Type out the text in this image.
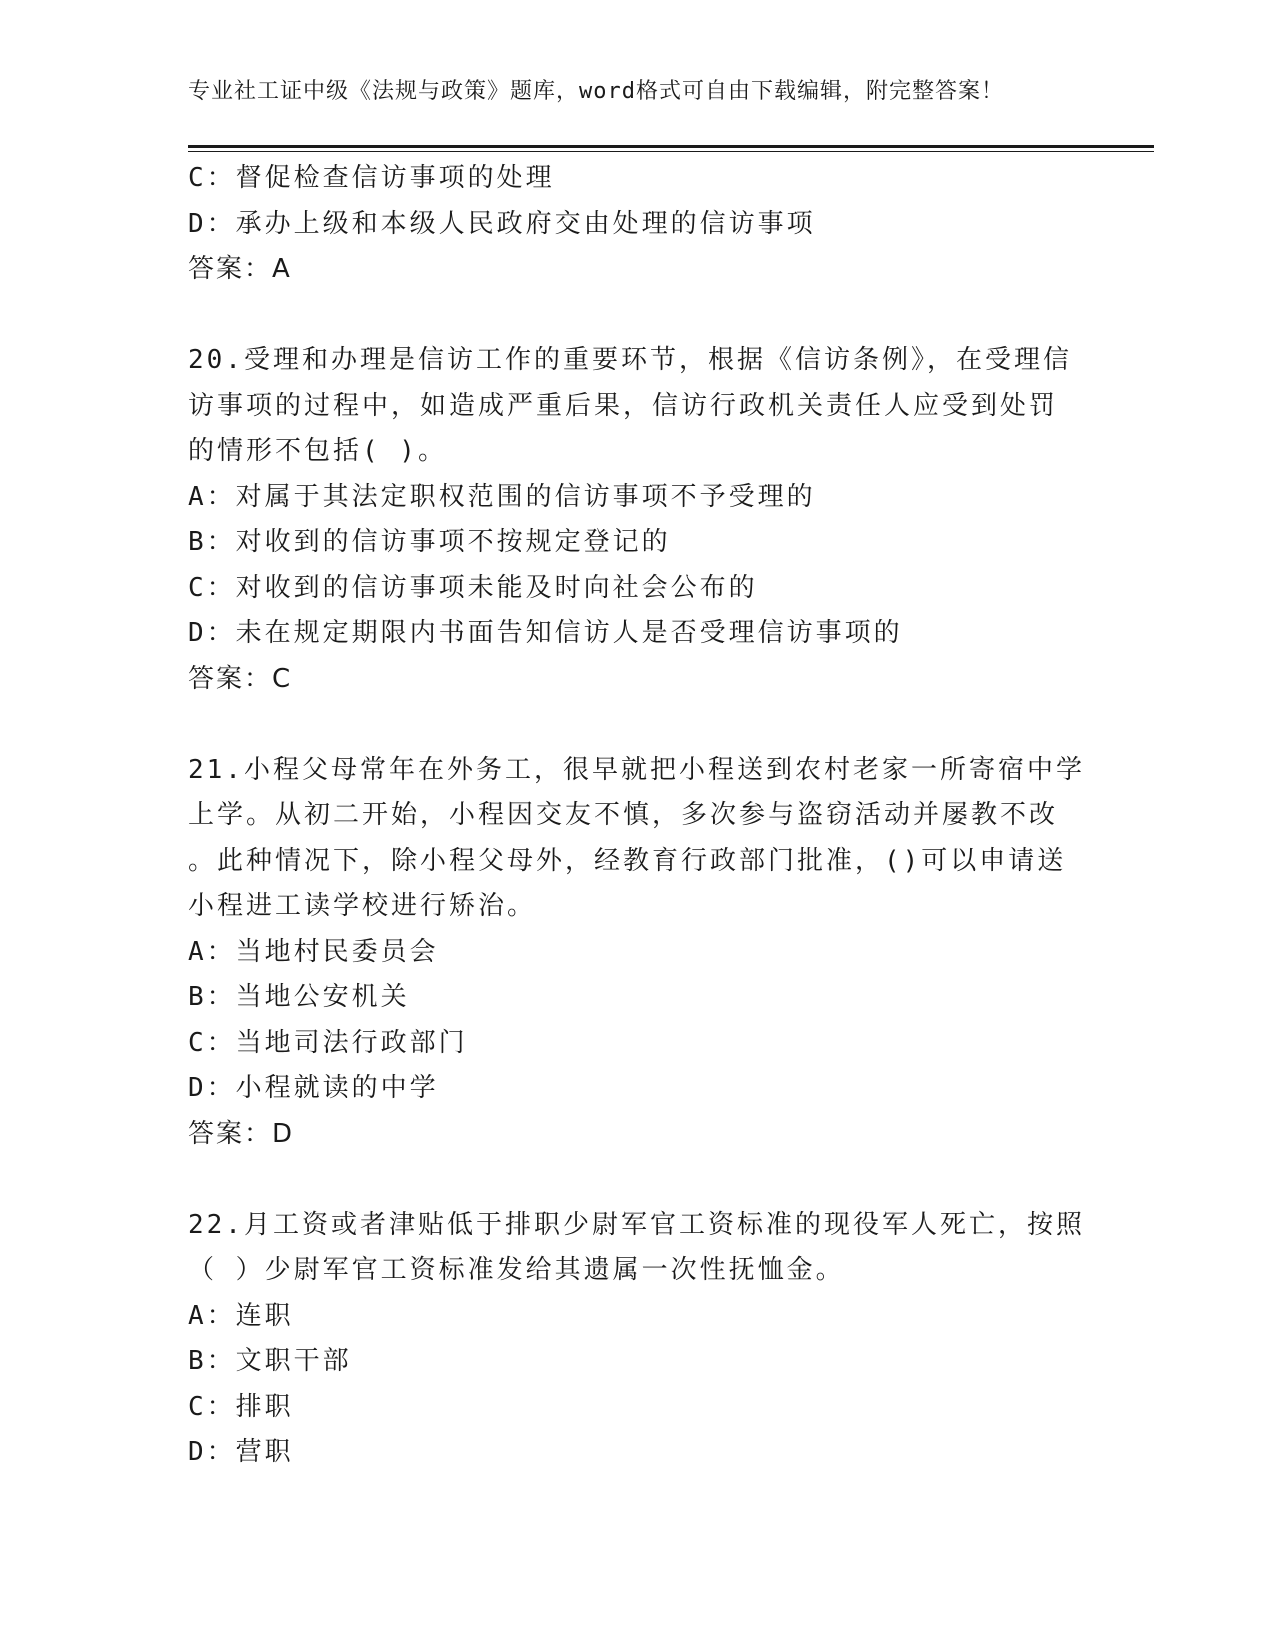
专业社工证中级《法规与政策》题库，word格式可自由下载编辑，附完整答案！
C：督促检查信访事项的处理
D：承办上级和本级人民政府交由处理的信访事项
答案：A
20.受理和办理是信访工作的重要环节，根据《信访条例》，在受理信
访事项的过程中，如造成严重后果，信访行政机关责任人应受到处罚
的情形不包括( )。
A：对属于其法定职权范围的信访事项不予受理的
B：对收到的信访事项不按规定登记的
C：对收到的信访事项未能及时向社会公布的
D：未在规定期限内书面告知信访人是否受理信访事项的
答案：C
21.小程父母常年在外务工，很早就把小程送到农村老家一所寄宿中学
上学。从初二开始，小程因交友不慎，多次参与盗窃活动并屡教不改
。此种情况下，除小程父母外，经教育行政部门批准，()可以申请送
小程进工读学校进行矫治。
A：当地村民委员会
B：当地公安机关
C：当地司法行政部门
D：小程就读的中学
答案：D
22.月工资或者津贴低于排职少尉军官工资标准的现役军人死亡，按照
（ ）少尉军官工资标准发给其遗属一次性抚恤金。
A：连职
B：文职干部
C：排职
D：营职
